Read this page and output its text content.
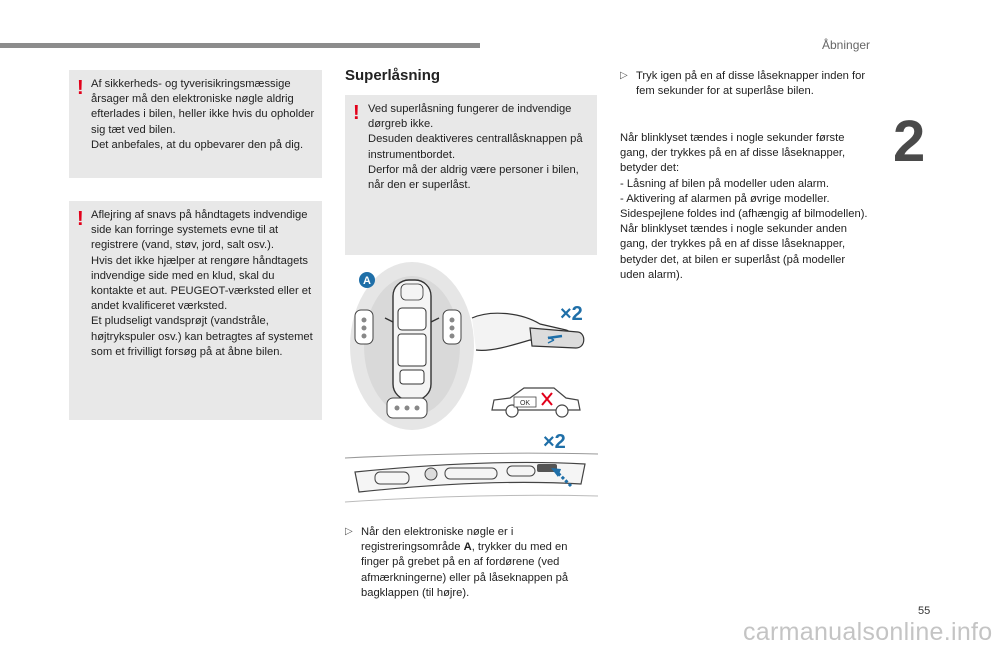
Åbninger
2
! Af sikkerheds- og tyverisikringsmæssige årsager må den elektroniske nøgle aldrig efterlades i bilen, heller ikke hvis du opholder sig tæt ved bilen.
Det anbefales, at du opbevarer den på dig.
! Aflejring af snavs på håndtagets indvendige side kan forringe systemets evne til at registrere (vand, støv, jord, salt osv.).
Hvis det ikke hjælper at rengøre håndtagets indvendige side med en klud, skal du kontakte et aut. PEUGEOT-værksted eller et andet kvalificeret værksted.
Et pludseligt vandsprøjt (vandstråle, højtrykspuler osv.) kan betragtes af systemet som et frivilligt forsøg på at åbne bilen.
Superlåsning
! Ved superlåsning fungerer de indvendige dørgreb ikke.
Desuden deaktiveres centrallåsknappen på instrumentbordet.
Derfor må der aldrig være personer i bilen, når den er superlåst.
A
×2
OK
×2
▷ Når den elektroniske nøgle er i registreringsområde A, trykker du med en finger på grebet på en af fordørene (ved afmærkningerne) eller på låseknappen på bagklappen (til højre).
▷ Tryk igen på en af disse låseknapper inden for fem sekunder for at superlåse bilen.
Når blinklyset tændes i nogle sekunder første gang, der trykkes på en af disse låseknapper, betyder det:
- Låsning af bilen på modeller uden alarm.
- Aktivering af alarmen på øvrige modeller.
Sidespejlene foldes ind (afhængig af bilmodellen).
Når blinklyset tændes i nogle sekunder anden gang, der trykkes på en af disse låseknapper, betyder det, at bilen er superlåst (på modeller uden alarm).
55
carmanualsonline.info
